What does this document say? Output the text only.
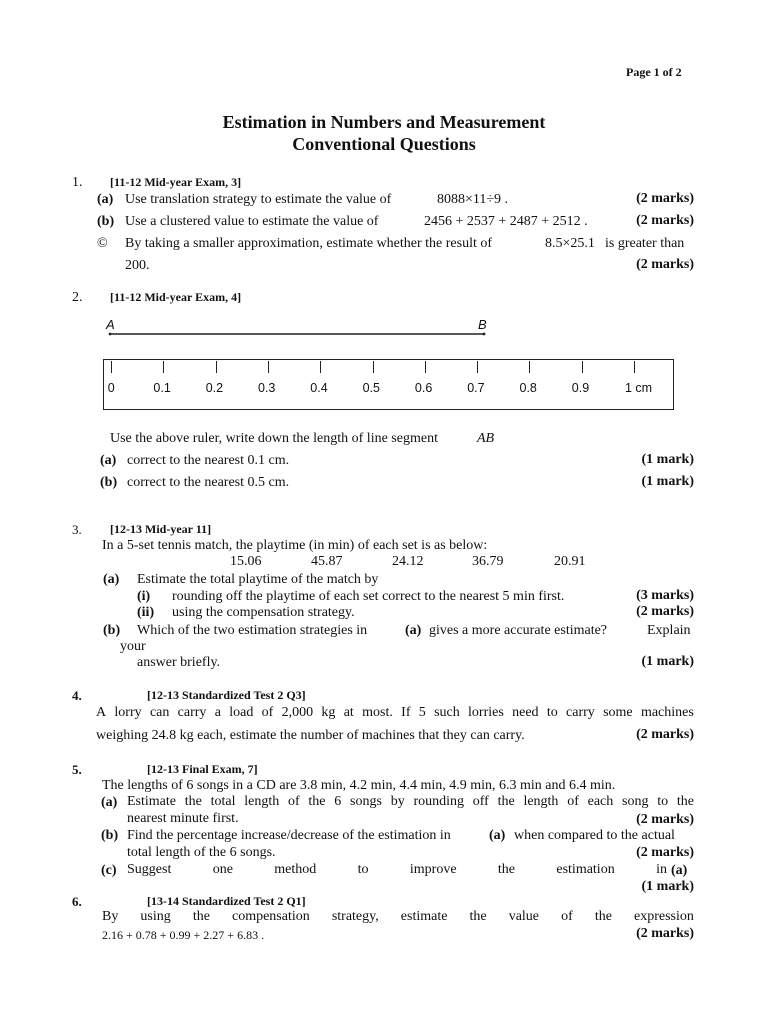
Page 1 of 2
Estimation in Numbers and Measurement
Conventional Questions
1. [11-12 Mid-year Exam, 3]
(a) Use translation strategy to estimate the value of	8088×11÷9 .	(2 marks)
(b) Use a clustered value to estimate the value of	2456 + 2537 + 2487 + 2512 .	(2 marks)
© By taking a smaller approximation, estimate whether the result of	8.5×25.1 is greater than
200.	(2 marks)
2. [11-12 Mid-year Exam, 4]
A	B
0	0.1	0.2	0.3	0.4	0.5	0.6	0.7	0.8	0.9	1 cm
Use the above ruler, write down the length of line segment	AB
(a) correct to the nearest 0.1 cm.	(1 mark)
(b) correct to the nearest 0.5 cm.	(1 mark)
3. [12-13 Mid-year 11]
In a 5-set tennis match, the playtime (in min) of each set is as below:
15.06	45.87	24.12	36.79	20.91
(a) Estimate the total playtime of the match by
(i) rounding off the playtime of each set correct to the nearest 5 min first.	(3 marks)
(ii) using the compensation strategy.	(2 marks)
(b) Which of the two estimation strategies in	(a) gives a more accurate estimate?	Explain
your
answer briefly.	(1 mark)
4.	[12-13 Standardized Test 2 Q3]
A lorry can carry a load of 2,000 kg at most. If 5 such lorries need to carry some machines
weighing 24.8 kg each, estimate the number of machines that they can carry.	(2 marks)
5.	[12-13 Final Exam, 7]
The lengths of 6 songs in a CD are 3.8 min, 4.2 min, 4.4 min, 4.9 min, 6.3 min and 6.4 min.
(a) Estimate the total length of the 6 songs by rounding off the length of each song to the
nearest minute first.	(2 marks)
(b) Find the percentage increase/decrease of the estimation in	(a) when compared to the actual
total length of the 6 songs.	(2 marks)
(c) Suggest	one	method	to	improve	the	estimation	in (a)
(1 mark)
6.	[13-14 Standardized Test 2 Q1]
By using the compensation strategy, estimate the value of the expression
2.16 + 0.78 + 0.99 + 2.27 + 6.83 .	(2 marks)
